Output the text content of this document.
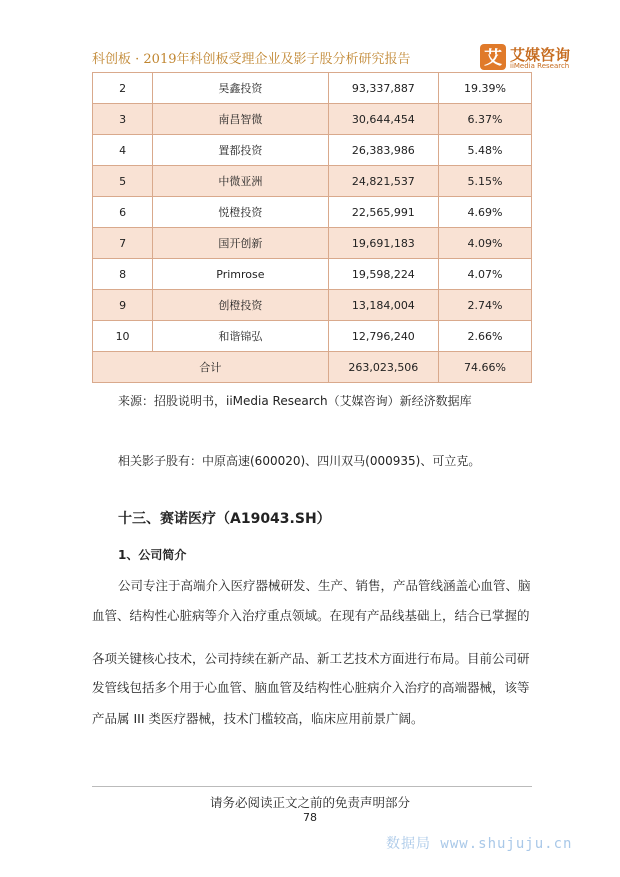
科创板 · 2019年科创板受理企业及影子股分析研究报告	艾 艾媒咨询
iiMedia Research
2	昊鑫投资	93,337,887	19.39%
3	南昌智微	30,644,454	6.37%
4	置都投资	26,383,986	5.48%
5	中微亚洲	24,821,537	5.15%
6	悦橙投资	22,565,991	4.69%
7	国开创新	19,691,183	4.09%
8	Primrose	19,598,224	4.07%
9	创橙投资	13,184,004	2.74%
10	和谐锦弘	12,796,240	2.66%
合计		263,023,506	74.66%
来源：招股说明书，iiMedia Research（艾媒咨询）新经济数据库
相关影子股有：中原高速(600020)、四川双马(000935)、可立克。
十三、赛诺医疗（A19043.SH）
1、公司简介
公司专注于高端介入医疗器械研发、生产、销售，产品管线涵盖心血管、脑
血管、结构性心脏病等介入治疗重点领域。在现有产品线基础上，结合已掌握的
各项关键核心技术，公司持续在新产品、新工艺技术方面进行布局。目前公司研
发管线包括多个用于心血管、脑血管及结构性心脏病介入治疗的高端器械，该等
产品属 III 类医疗器械，技术门槛较高，临床应用前景广阔。
请务必阅读正文之前的免责声明部分
78
数据局 www.shujuju.cn
